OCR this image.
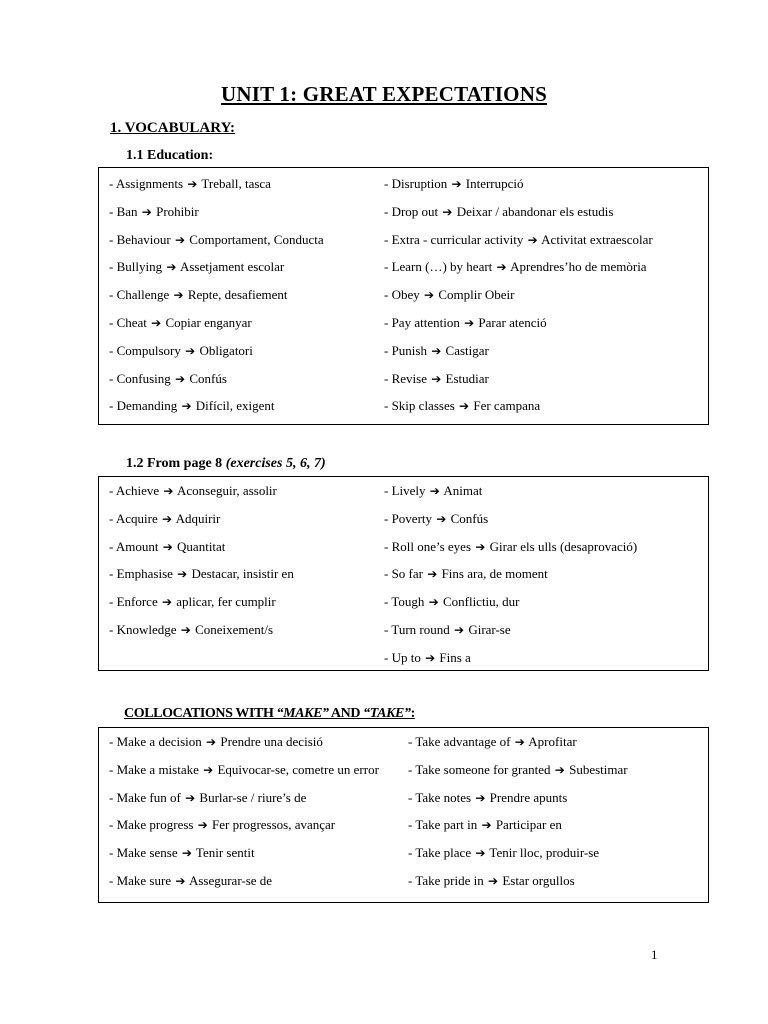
UNIT 1: GREAT EXPECTATIONS
1. VOCABULARY:
1.1 Education:
- Assignments ➔ Treball, tasca
- Ban ➔ Prohibir
- Behaviour ➔ Comportament, Conducta
- Bullying ➔ Assetjament escolar
- Challenge ➔ Repte, desafiement
- Cheat ➔ Copiar enganyar
- Compulsory ➔ Obligatori
- Confusing ➔ Confús
- Demanding ➔ Difícil, exigent
- Disruption ➔ Interrupció
- Drop out ➔ Deixar / abandonar els estudis
- Extra - curricular activity ➔ Activitat extraescolar
- Learn (…) by heart ➔ Aprendres’ho de memòria
- Obey ➔ Complir Obeir
- Pay attention ➔ Parar atenció
- Punish ➔ Castigar
- Revise ➔ Estudiar
- Skip classes ➔ Fer campana
1.2 From page 8 (exercises 5, 6, 7)
- Achieve ➔ Aconseguir, assolir
- Acquire ➔ Adquirir
- Amount ➔ Quantitat
- Emphasise ➔ Destacar, insistir en
- Enforce ➔ aplicar, fer cumplir
- Knowledge ➔ Coneixement/s
- Lively ➔ Animat
- Poverty ➔ Confús
- Roll one’s eyes ➔ Girar els ulls (desaprovació)
- So far ➔ Fins ara, de moment
- Tough ➔ Conflictiu, dur
- Turn round ➔ Girar-se
- Up to ➔ Fins a
COLLOCATIONS WITH “MAKE” AND “TAKE”:
- Make a decision ➔ Prendre una decisió
- Make a mistake ➔ Equivocar-se, cometre un error
- Make fun of ➔ Burlar-se / riure’s de
- Make progress ➔ Fer progressos, avançar
- Make sense ➔ Tenir sentit
- Make sure ➔ Assegurar-se de
- Take advantage of ➔ Aprofitar
- Take someone for granted ➔ Subestimar
- Take notes ➔ Prendre apunts
- Take part in ➔ Participar en
- Take place ➔ Tenir lloc, produir-se
- Take pride in ➔ Estar orgullos
1
